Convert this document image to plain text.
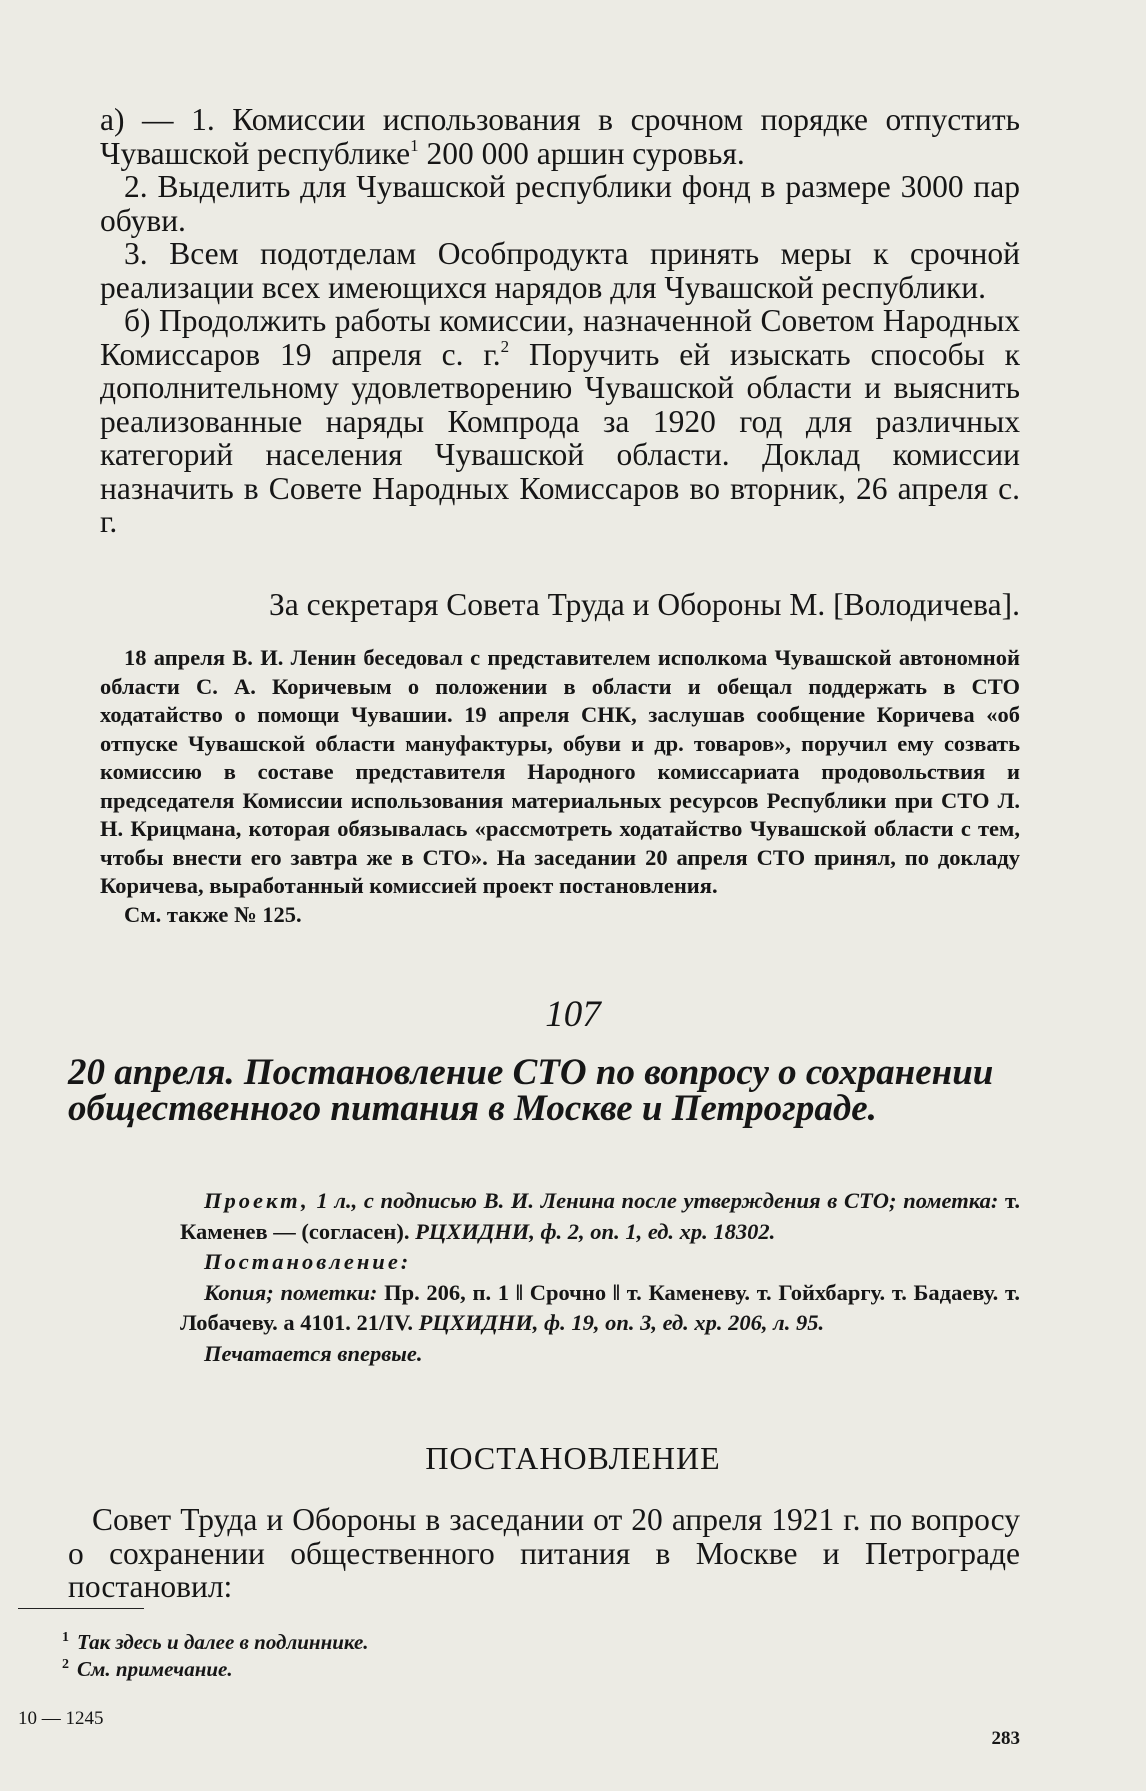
а) — 1. Комиссии использования в срочном порядке отпустить Чувашской республике$^1$ 200 000 аршин суровья.

2. Выделить для Чувашской республики фонд в размере 3000 пар обуви.

3. Всем подотделам Особпродукта принять меры к срочной реализации всех имеющихся нарядов для Чувашской республики.

б) Продолжить работы комиссии, назначенной Советом Народных Комиссаров 19 апреля с. г.$^2$ Поручить ей изыскать способы к дополнительному удовлетворению Чувашской области и выяснить реализованные наряды Компрода за 1920 год для различных категорий населения Чувашской области. Доклад комиссии назначить в Совете Народных Комиссаров во вторник, 26 апреля с. г.

За секретаря Совета Труда и Обороны М. [Володичева].

18 апреля В. И. Ленин беседовал с представителем исполкома Чувашской автономной области С. А. Коричевым о положении в области и обещал поддержать в СТО ходатайство о помощи Чувашии. 19 апреля СНК, заслушав сообщение Коричева «об отпуске Чувашской области мануфактуры, обуви и др. товаров», поручил ему созвать комиссию в составе представителя Народного комиссариата продовольствия и председателя Комиссии использования материальных ресурсов Республики при СТО Л. Н. Крицмана, которая обязывалась «рассмотреть ходатайство Чувашской области с тем, чтобы внести его завтра же в СТО». На заседании 20 апреля СТО принял, по докладу Коричева, выработанный комиссией проект постановления.

См. также № 125.

107

20 апреля. Постановление СТО по вопросу о сохранении общественного питания в Москве и Петрограде.

Проект, 1 л., с подписью В. И. Ленина после утверждения в СТО; пометка: т. Каменев — (согласен). РЦХИДНИ, ф. 2, оп. 1, ед. хр. 18302.

Постановление:

Копия; пометки: Пр. 206, п. 1 ‖ Срочно ‖ т. Каменеву. т. Гойхбаргу. т. Бадаеву. т. Лобачеву. а 4101. 21/IV. РЦХИДНИ, ф. 19, оп. 3, ед. хр. 206, л. 95.

Печатается впервые.

ПОСТАНОВЛЕНИЕ

Совет Труда и Обороны в заседании от 20 апреля 1921 г. по вопросу о сохранении общественного питания в Москве и Петрограде постановил:

$^1$ Так здесь и далее в подлиннике.

$^2$ См. примечание.

10 — 1245

283
